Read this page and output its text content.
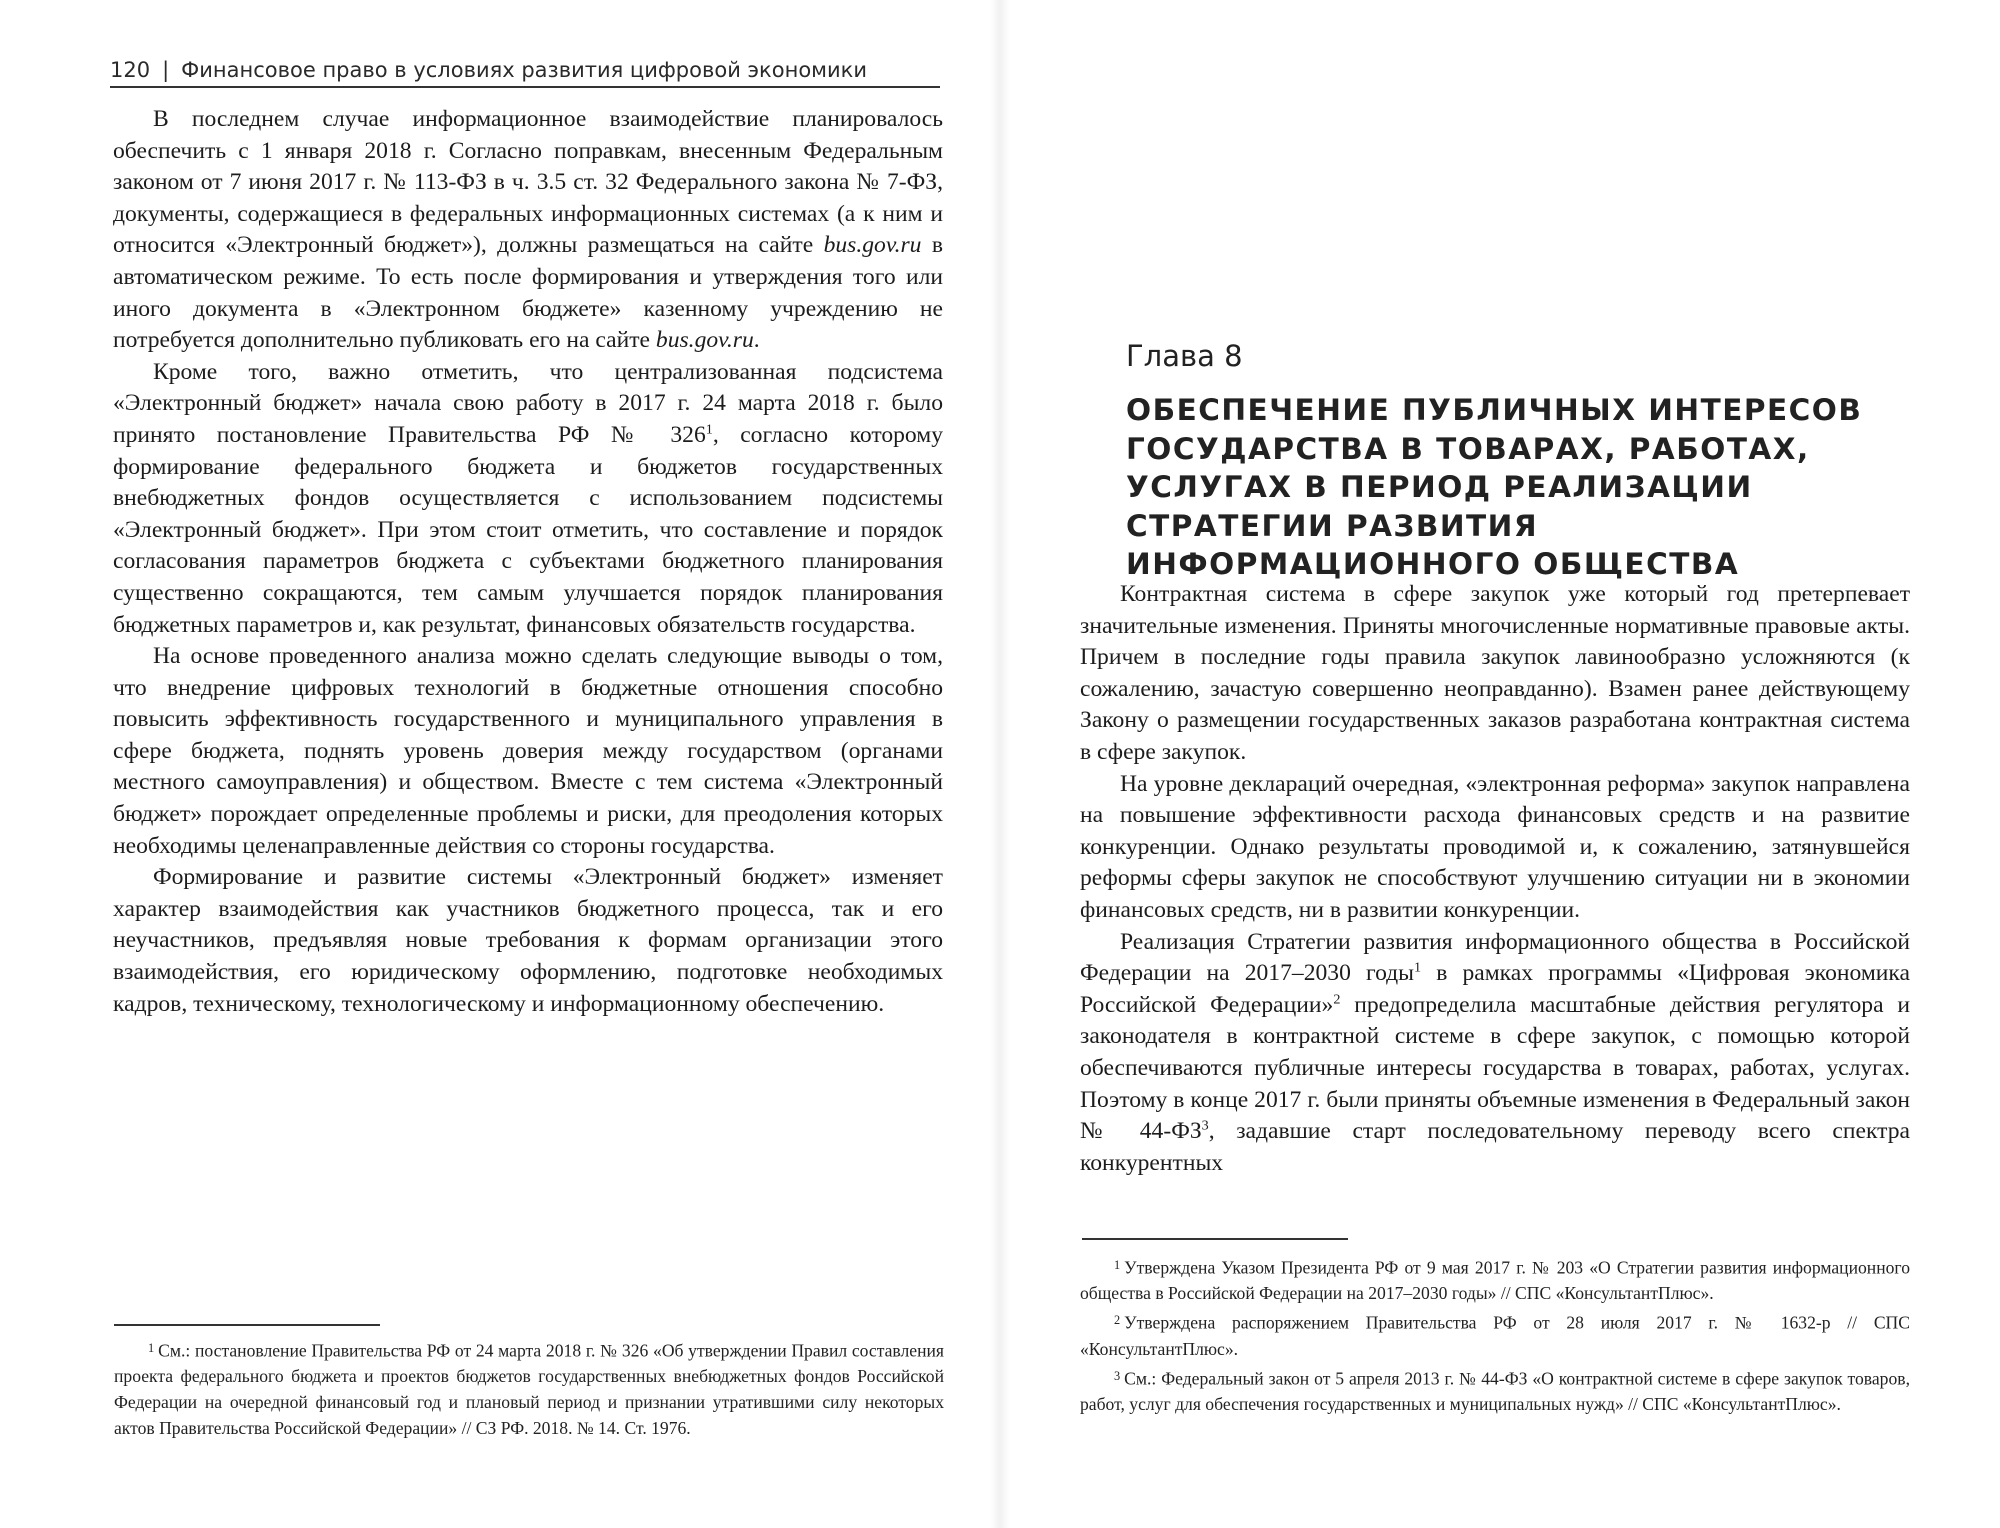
120 | Финансовое право в условиях развития цифровой экономики

В последнем случае информационное взаимодействие планировалось обеспечить с 1 января 2018 г. Согласно поправкам, внесенным Федеральным законом от 7 июня 2017 г. № 113-ФЗ в ч. 3.5 ст. 32 Федерального закона № 7-ФЗ, документы, содержащиеся в федеральных информационных системах (а к ним и относится «Электронный бюджет»), должны размещаться на сайте bus.gov.ru в автоматическом режиме. То есть после формирования и утверждения того или иного документа в «Электронном бюджете» казенному учреждению не потребуется дополнительно публиковать его на сайте bus.gov.ru.

Кроме того, важно отметить, что централизованная подсистема «Электронный бюджет» начала свою работу в 2017 г. 24 марта 2018 г. было принято постановление Правительства РФ № $326^1$, согласно которому формирование федерального бюджета и бюджетов государственных внебюджетных фондов осуществляется с использованием подсистемы «Электронный бюджет». При этом стоит отметить, что составление и порядок согласования параметров бюджета с субъектами бюджетного планирования существенно сокращаются, тем самым улучшается порядок планирования бюджетных параметров и, как результат, финансовых обязательств государства.

На основе проведенного анализа можно сделать следующие выводы о том, что внедрение цифровых технологий в бюджетные отношения способно повысить эффективность государственного и муниципального управления в сфере бюджета, поднять уровень доверия между государством (органами местного самоуправления) и обществом. Вместе с тем система «Электронный бюджет» порождает определенные проблемы и риски, для преодоления которых необходимы целенаправленные действия со стороны государства.

Формирование и развитие системы «Электронный бюджет» изменяет характер взаимодействия как участников бюджетного процесса, так и его неучастников, предъявляя новые требования к формам организации этого взаимодействия, его юридическому оформлению, подготовке необходимых кадров, техническому, технологическому и информационному обеспечению.

$^1$ См.: постановление Правительства РФ от 24 марта 2018 г. № 326 «Об утверждении Правил составления проекта федерального бюджета и проектов бюджетов государственных внебюджетных фондов Российской Федерации на очередной финансовый год и плановый период и признании утратившими силу некоторых актов Правительства Российской Федерации» // СЗ РФ. 2018. № 14. Ст. 1976.

Глава 8
ОБЕСПЕЧЕНИЕ ПУБЛИЧНЫХ ИНТЕРЕСОВ ГОСУДАРСТВА В ТОВАРАХ, РАБОТАХ, УСЛУГАХ В ПЕРИОД РЕАЛИЗАЦИИ СТРАТЕГИИ РАЗВИТИЯ ИНФОРМАЦИОННОГО ОБЩЕСТВА

Контрактная система в сфере закупок уже который год претерпевает значительные изменения. Приняты многочисленные нормативные правовые акты. Причем в последние годы правила закупок лавинообразно усложняются (к сожалению, зачастую совершенно неоправданно). Взамен ранее действующему Закону о размещении государственных заказов разработана контрактная система в сфере закупок.

На уровне деклараций очередная, «электронная реформа» закупок направлена на повышение эффективности расхода финансовых средств и на развитие конкуренции. Однако результаты проводимой и, к сожалению, затянувшейся реформы сферы закупок не способствуют улучшению ситуации ни в экономии финансовых средств, ни в развитии конкуренции.

Реализация Стратегии развития информационного общества в Российской Федерации на 2017–2030 годы$^1$ в рамках программы «Цифровая экономика Российской Федерации»$^2$ предопределила масштабные действия регулятора и законодателя в контрактной системе в сфере закупок, с помощью которой обеспечиваются публичные интересы государства в товарах, работах, услугах. Поэтому в конце 2017 г. были приняты объемные изменения в Федеральный закон № $44-ФЗ^3$, задавшие старт последовательному переводу всего спектра конкурентных

$^1$ Утверждена Указом Президента РФ от 9 мая 2017 г. № 203 «О Стратегии развития информационного общества в Российской Федерации на 2017–2030 годы» // СПС «КонсультантПлюс».

$^2$ Утверждена распоряжением Правительства РФ от 28 июля 2017 г. № 1632-р // СПС «КонсультантПлюс».

$^3$ См.: Федеральный закон от 5 апреля 2013 г. № 44-ФЗ «О контрактной системе в сфере закупок товаров, работ, услуг для обеспечения государственных и муниципальных нужд» // СПС «КонсультантПлюс».
